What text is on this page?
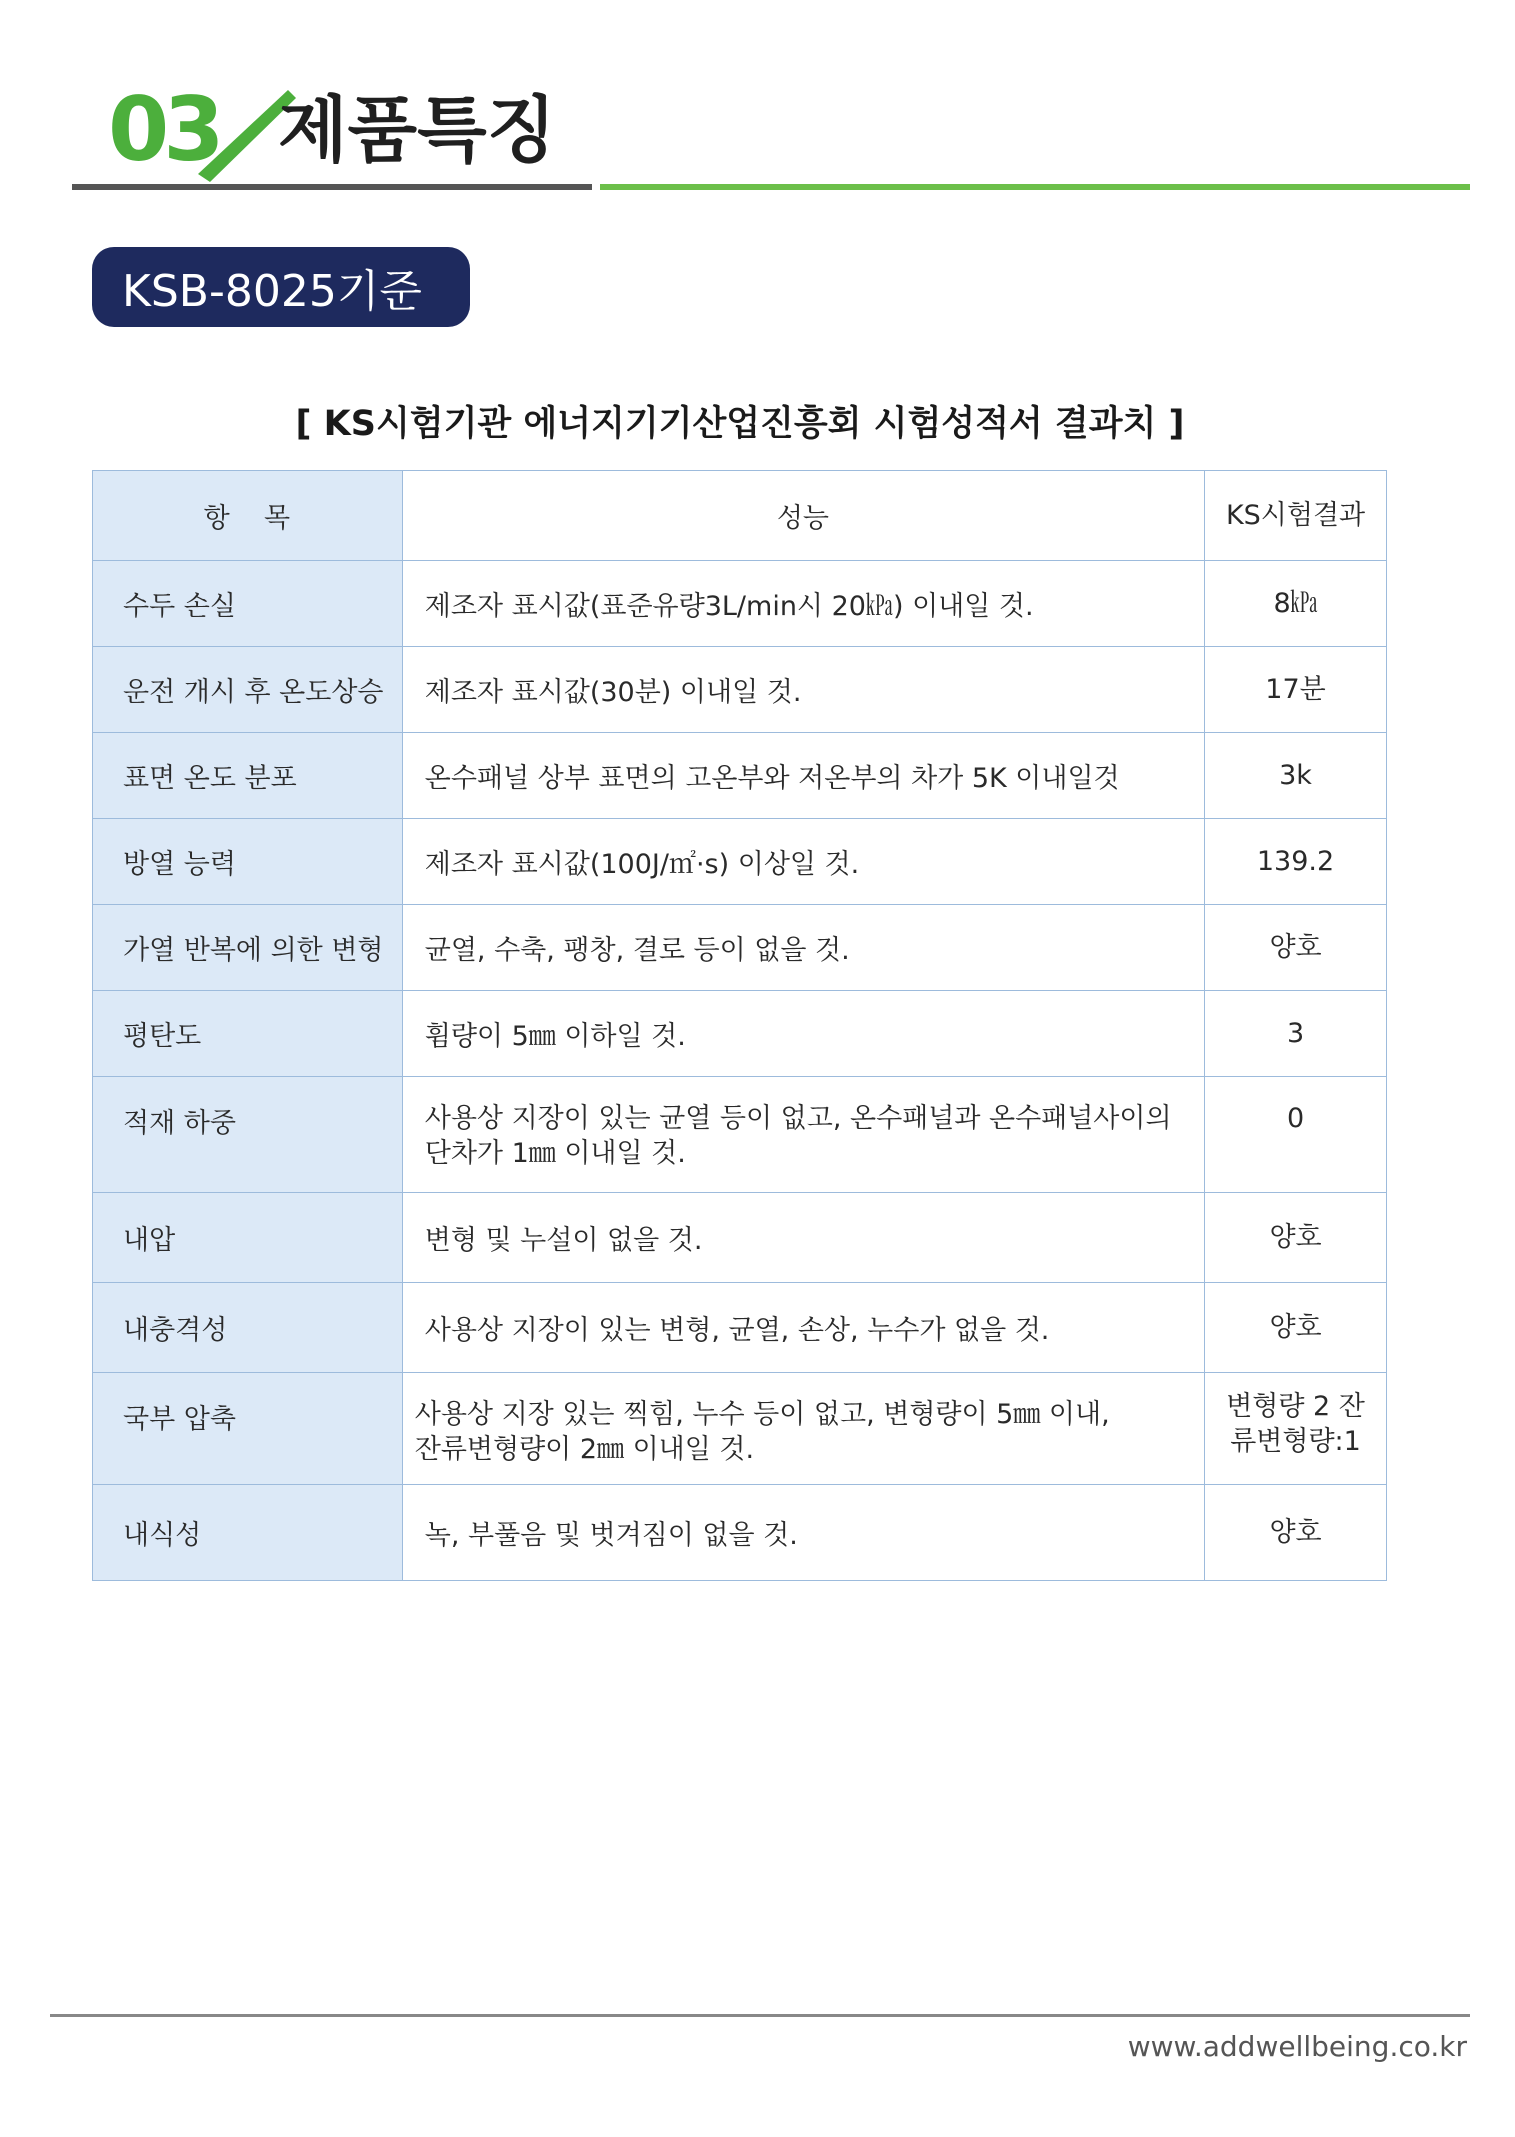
03 제품특징
KSB-8025기준
[ KS시험기관 에너지기기산업진흥회 시험성적서 결과치 ]
항    목	성능	KS시험결과
수두 손실	제조자 표시값(표준유량3L/min시 20㎪) 이내일 것.	8㎪
운전 개시 후 온도상승	제조자 표시값(30분) 이내일 것.	17분
표면 온도 분포	온수패널 상부 표면의 고온부와 저온부의 차가 5K 이내일것	3k
방열 능력	제조자 표시값(100J/㎡·s) 이상일 것.	139.2
가열 반복에 의한 변형	균열, 수축, 팽창, 결로 등이 없을 것.	양호
평탄도	휨량이 5㎜ 이하일 것.	3
적재 하중	사용상 지장이 있는 균열 등이 없고, 온수패널과 온수패널사이의 단차가 1㎜ 이내일 것.	0
내압	변형 및 누설이 없을 것.	양호
내충격성	사용상 지장이 있는 변형, 균열, 손상, 누수가 없을 것.	양호
국부 압축	사용상 지장 있는 찍힘, 누수 등이 없고, 변형량이 5㎜ 이내, 잔류변형량이 2㎜ 이내일 것.	변형량 2 잔류변형량:1
내식성	녹, 부풀음 및 벗겨짐이 없을 것.	양호
www.addwellbeing.co.kr
